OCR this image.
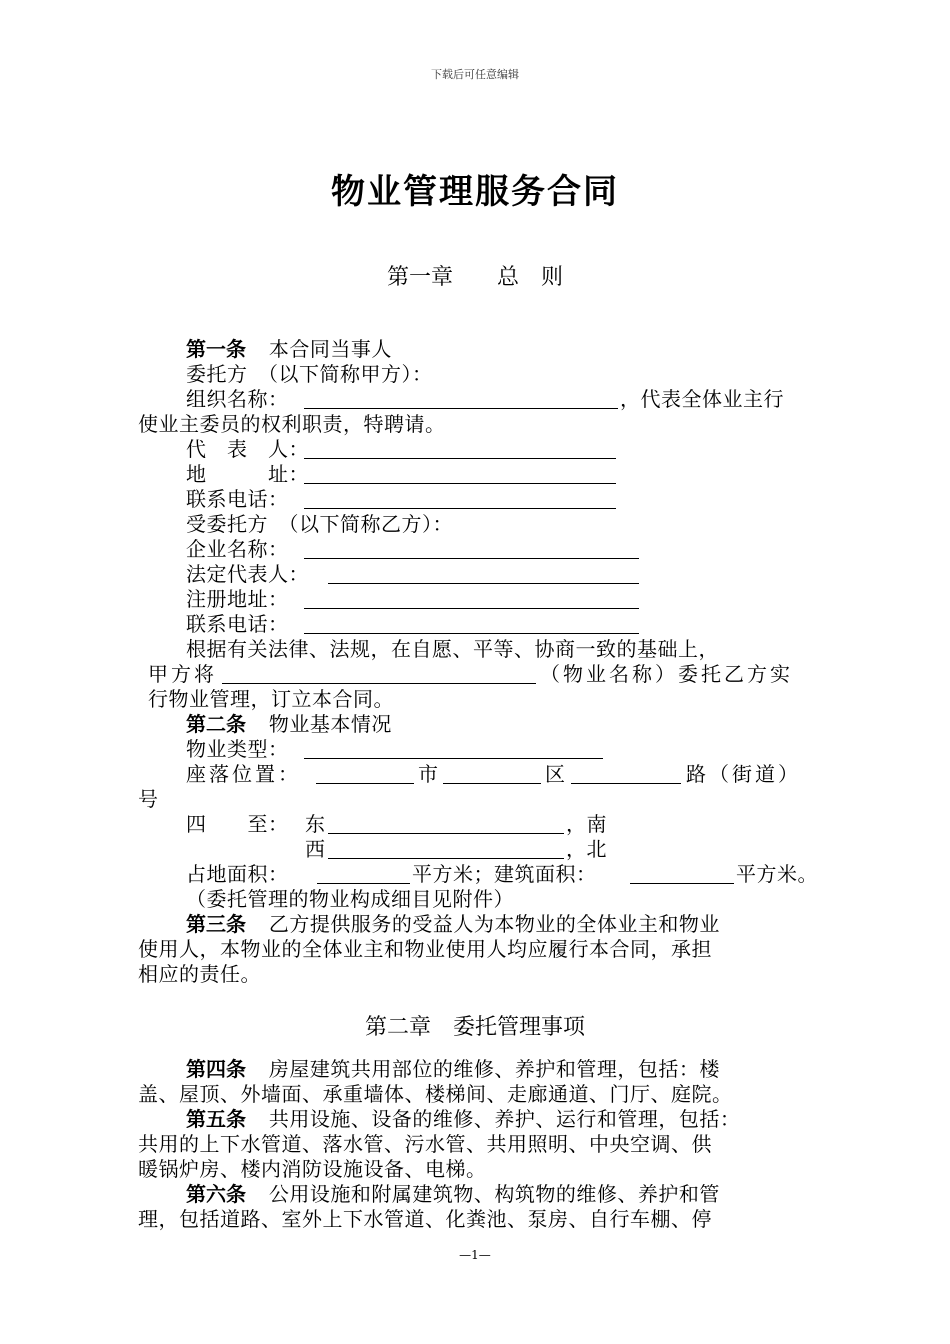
下载后可任意编辑
物业管理服务合同
第一章　　总　则
第一条 本合同当事人
委托方　（以下简称甲方）：
组织名称：	，代表全体业主行
使业主委员的权利职责，特聘请。
代　表　人：
地　　　址：
联系电话：
受委托方　（以下简称乙方）：
企业名称：
法定代表人：
注册地址：
联系电话：
根据有关法律、法规，在自愿、平等、协商一致的基础上，
甲方将	（物业名称）委托乙方实
行物业管理，订立本合同。
第二条 物业基本情况
物业类型：
座落位置：	市	区	路（街道）
号
四　　至： 东	，南
西	，北
占地面积：	平方米；建筑面积：	平方米。
（委托管理的物业构成细目见附件）
第三条 乙方提供服务的受益人为本物业的全体业主和物业
使用人，本物业的全体业主和物业使用人均应履行本合同，承担
相应的责任。
第二章　委托管理事项
第四条 房屋建筑共用部位的维修、养护和管理，包括：楼
盖、屋顶、外墙面、承重墙体、楼梯间、走廊通道、门厅、庭院。
第五条 共用设施、设备的维修、养护、运行和管理，包括：
共用的上下水管道、落水管、污水管、共用照明、中央空调、供
暖锅炉房、楼内消防设施设备、电梯。
第六条 公用设施和附属建筑物、构筑物的维修、养护和管
理，包括道路、室外上下水管道、化粪池、泵房、自行车棚、停
—1—
